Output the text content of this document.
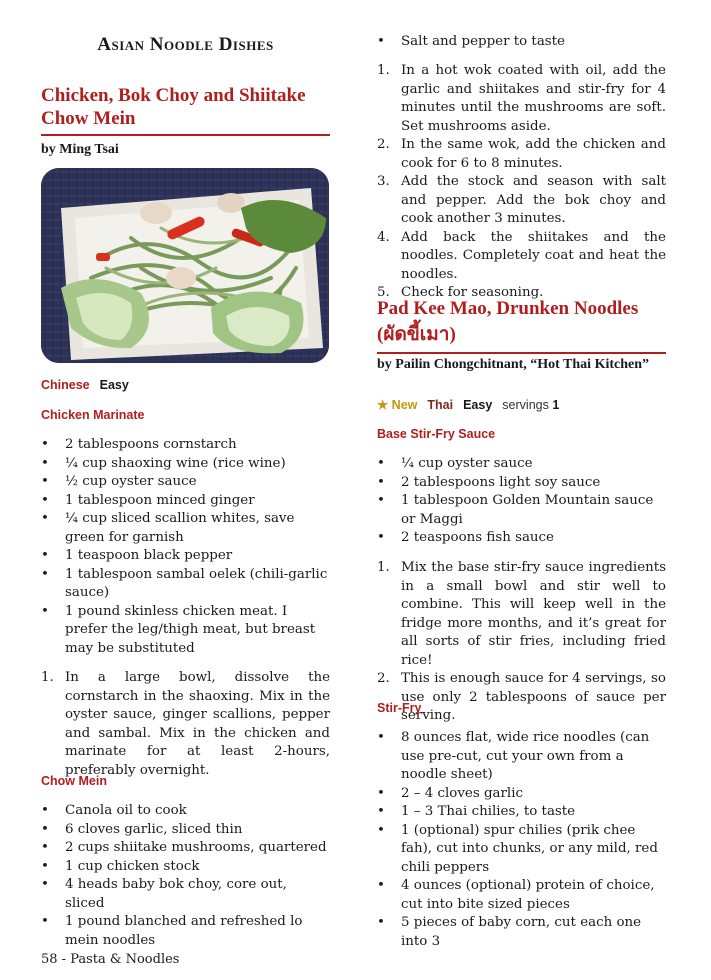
Asian Noodle Dishes
Chicken, Bok Choy and Shiitake Chow Mein
by Ming Tsai
Chinese Easy
Chicken Marinate
• 2 tablespoons cornstarch
• ¼ cup shaoxing wine (rice wine)
• ½ cup oyster sauce
• 1 tablespoon minced ginger
• ¼ cup sliced scallion whites, save green for garnish
• 1 teaspoon black pepper
• 1 tablespoon sambal oelek (chili-garlic sauce)
• 1 pound skinless chicken meat. I prefer the leg/thigh meat, but breast may be substituted
1. In a large bowl, dissolve the cornstarch in the shaoxing. Mix in the oyster sauce, ginger scallions, pepper and sambal. Mix in the chicken and marinate for at least 2-hours, preferably overnight.
Chow Mein
• Canola oil to cook
• 6 cloves garlic, sliced thin
• 2 cups shiitake mushrooms, quartered
• 1 cup chicken stock
• 4 heads baby bok choy, core out, sliced
• 1 pound blanched and refreshed lo mein noodles
58 - Pasta & Noodles
• Salt and pepper to taste
1. In a hot wok coated with oil, add the garlic and shiitakes and stir-fry for 4 minutes until the mushrooms are soft. Set mushrooms aside.
2. In the same wok, add the chicken and cook for 6 to 8 minutes.
3. Add the stock and season with salt and pepper. Add the bok choy and cook another 3 minutes.
4. Add back the shiitakes and the noodles. Completely coat and heat the noodles.
5. Check for seasoning.
Pad Kee Mao, Drunken Noodles
(ผัดขี้เมา)
by Pailin Chongchitnant, “Hot Thai Kitchen”
★ New Thai Easy servings 1
Base Stir-Fry Sauce
• ¼ cup oyster sauce
• 2 tablespoons light soy sauce
• 1 tablespoon Golden Mountain sauce or Maggi
• 2 teaspoons fish sauce
1. Mix the base stir-fry sauce ingredients in a small bowl and stir well to combine. This will keep well in the fridge more months, and it’s great for all sorts of stir fries, including fried rice!
2. This is enough sauce for 4 servings, so use only 2 tablespoons of sauce per serving.
Stir-Fry
• 8 ounces flat, wide rice noodles (can use pre-cut, cut your own from a noodle sheet)
• 2 – 4 cloves garlic
• 1 – 3 Thai chilies, to taste
• 1 (optional) spur chilies (prik chee fah), cut into chunks, or any mild, red chili peppers
• 4 ounces (optional) protein of choice, cut into bite sized pieces
• 5 pieces of baby corn, cut each one into 3
